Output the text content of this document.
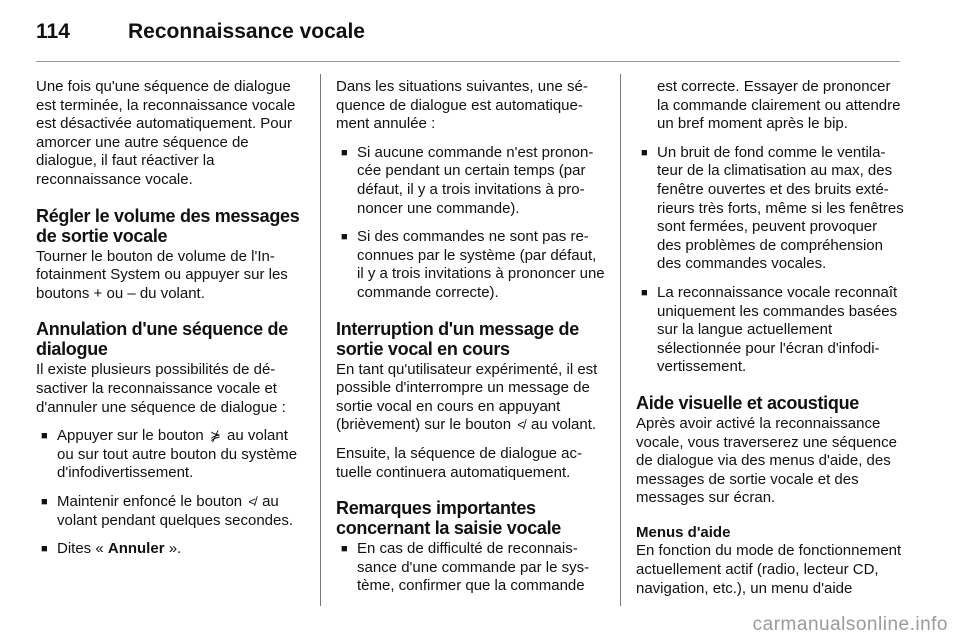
114	Reconnaissance vocale

Une fois qu'une séquence de dialogue est terminée, la reconnaissance vocale est désactivée automatiquement. Pour amorcer une autre séquence de dialogue, il faut réactiver la reconnaissance vocale.

Régler le volume des messages de sortie vocale

Tourner le bouton de volume de l'Infotainment System ou appuyer sur les boutons + ou – du volant.

Annulation d'une séquence de dialogue

Il existe plusieurs possibilités de désactiver la reconnaissance vocale et d'annuler une séquence de dialogue :

■ Appuyer sur le bouton ⋡ au volant ou sur tout autre bouton du système d'infodivertissement.
■ Maintenir enfoncé le bouton ≮ au volant pendant quelques secondes.
■ Dites « Annuler ».

Dans les situations suivantes, une séquence de dialogue est automatiquement annulée :

■ Si aucune commande n'est prononcée pendant un certain temps (par défaut, il y a trois invitations à prononcer une commande).
■ Si des commandes ne sont pas reconnues par le système (par défaut, il y a trois invitations à prononcer une commande correcte).
Interruption d'un message de sortie vocal en cours

En tant qu'utilisateur expérimenté, il est possible d'interrompre un message de sortie vocal en cours en appuyant (brièvement) sur le bouton ≮ au volant.

Ensuite, la séquence de dialogue actuelle continuera automatiquement.

Remarques importantes concernant la saisie vocale
■ En cas de difficulté de reconnaissance d'une commande par le système, confirmer que la commande
est correcte. Essayer de prononcer la commande clairement ou attendre un bref moment après le bip.
■ Un bruit de fond comme le ventilateur de la climatisation au max, des fenêtre ouvertes et des bruits extérieurs très forts, même si les fenêtres sont fermées, peuvent provoquer des problèmes de compréhension des commandes vocales.
■ La reconnaissance vocale reconnaît uniquement les commandes basées sur la langue actuellement sélectionnée pour l'écran d'infodivertissement.
Aide visuelle et acoustique

Après avoir activé la reconnaissance vocale, vous traverserez une séquence de dialogue via des menus d'aide, des messages de sortie vocale et des messages sur écran.

Menus d'aide

En fonction du mode de fonctionnement actuellement actif (radio, lecteur CD, navigation, etc.), un menu d'aide

carmanualsonline.info
